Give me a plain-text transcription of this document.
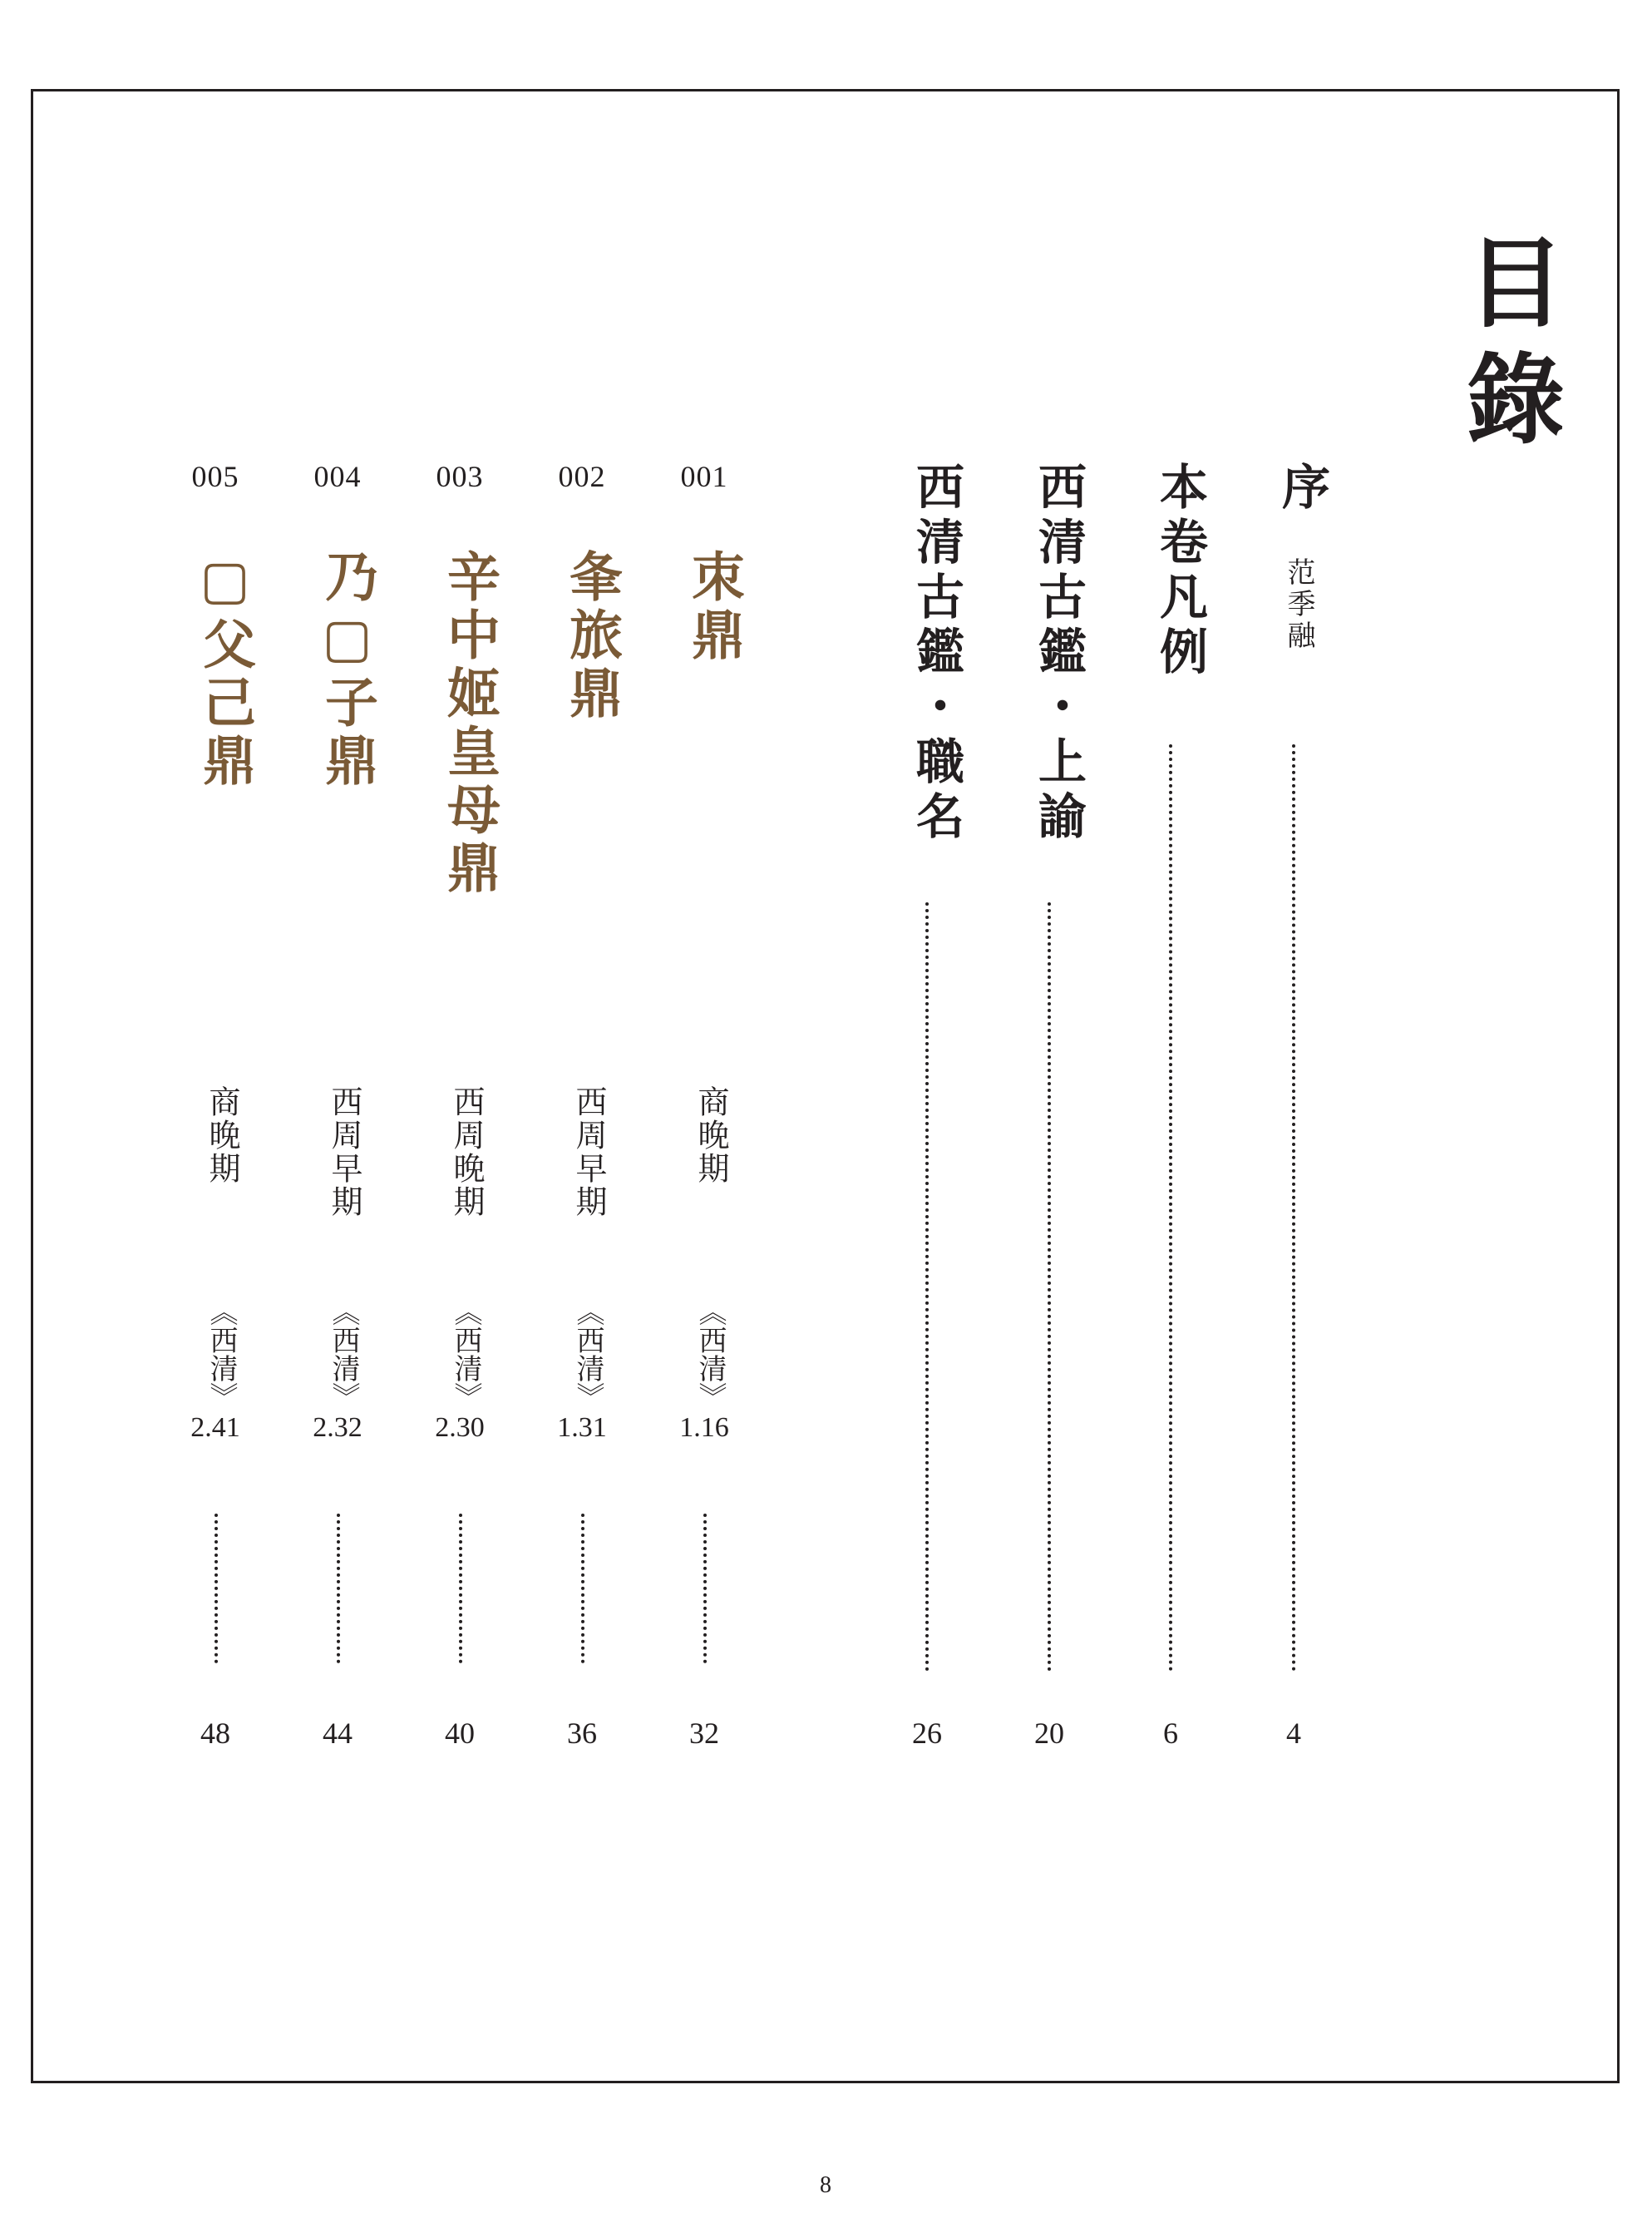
目錄
序
范季融
4
本卷凡例
6
西清古鑑・上諭
20
西清古鑑・職名
26
001
朿鼎
商晚期
《西清》
1.16
32
002
夆旅鼎
西周早期
《西清》
1.31
36
003
辛中姬皇母鼎
西周晚期
《西清》
2.30
40
004
乃▢子鼎
西周早期
《西清》
2.32
44
005
▢父己鼎
商晚期
《西清》
2.41
48
8
